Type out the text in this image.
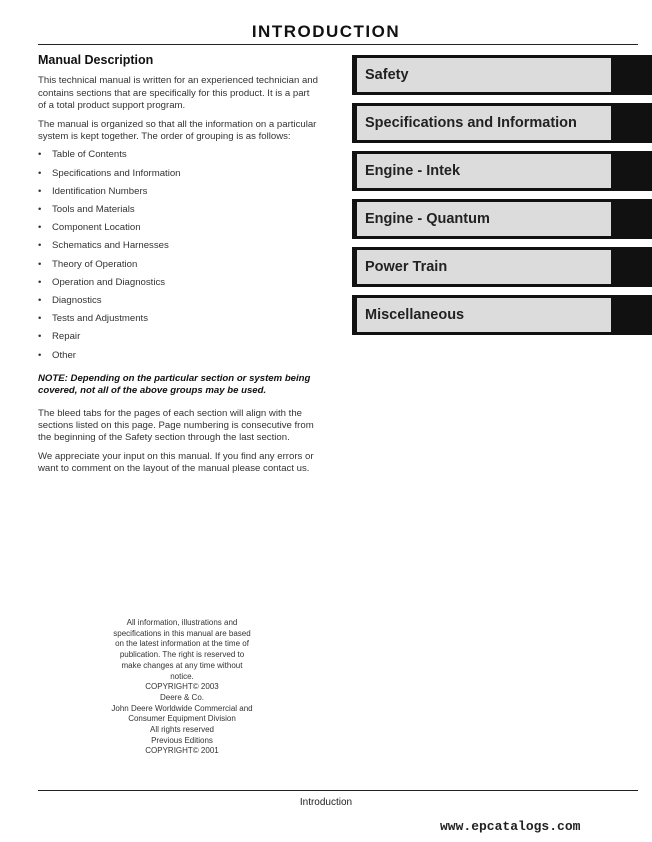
INTRODUCTION
Manual Description

This technical manual is written for an experienced technician and contains sections that are specifically for this product. It is a part of a total product support program.

The manual is organized so that all the information on a particular system is kept together. The order of grouping is as follows:

• Table of Contents
• Specifications and Information
• Identification Numbers
• Tools and Materials
• Component Location
• Schematics and Harnesses
• Theory of Operation
• Operation and Diagnostics
• Diagnostics
• Tests and Adjustments
• Repair
• Other

NOTE: Depending on the particular section or system being covered, not all of the above groups may be used.

The bleed tabs for the pages of each section will align with the sections listed on this page. Page numbering is consecutive from the beginning of the Safety section through the last section.

We appreciate your input on this manual. If you find any errors or want to comment on the layout of the manual please contact us.

All information, illustrations and
specifications in this manual are based
on the latest information at the time of
publication. The right is reserved to
make changes at any time without
notice.
COPYRIGHT© 2003
Deere & Co.
John Deere Worldwide Commercial and
Consumer Equipment Division
All rights reserved
Previous Editions
COPYRIGHT© 2001
Safety
Specifications and Information
Engine - Intek
Engine - Quantum
Power Train
Miscellaneous
Introduction
www.epcatalogs.com
